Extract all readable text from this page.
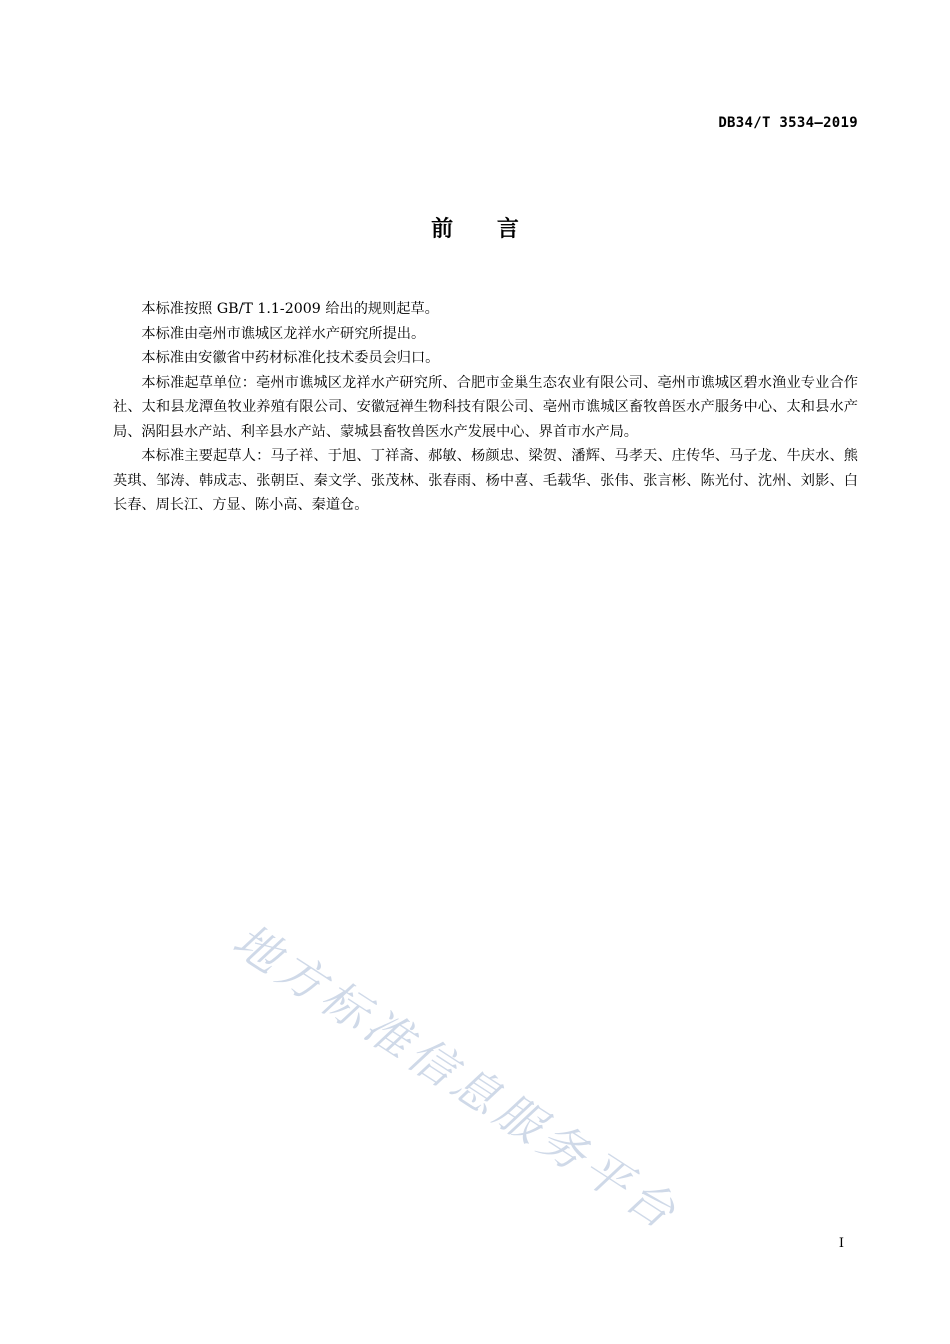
DB34/T 3534—2019
前 言

本标准按照 GB/T 1.1-2009 给出的规则起草。

本标准由亳州市谯城区龙祥水产研究所提出。

本标准由安徽省中药材标准化技术委员会归口。

本标准起草单位：亳州市谯城区龙祥水产研究所、合肥市金巢生态农业有限公司、亳州市谯城区碧水渔业专业合作社、太和县龙潭鱼牧业养殖有限公司、安徽冠禅生物科技有限公司、亳州市谯城区畜牧兽医水产服务中心、太和县水产局、涡阳县水产站、利辛县水产站、蒙城县畜牧兽医水产发展中心、界首市水产局。

本标准主要起草人：马子祥、于旭、丁祥斋、郝敏、杨颜忠、梁贺、潘辉、马孝天、庄传华、马子龙、牛庆水、熊英琪、邹涛、韩成志、张朝臣、秦文学、张茂林、张春雨、杨中喜、毛载华、张伟、张言彬、陈光付、沈州、刘影、白长春、周长江、方显、陈小高、秦道仓。

地方标准信息服务平台
I
